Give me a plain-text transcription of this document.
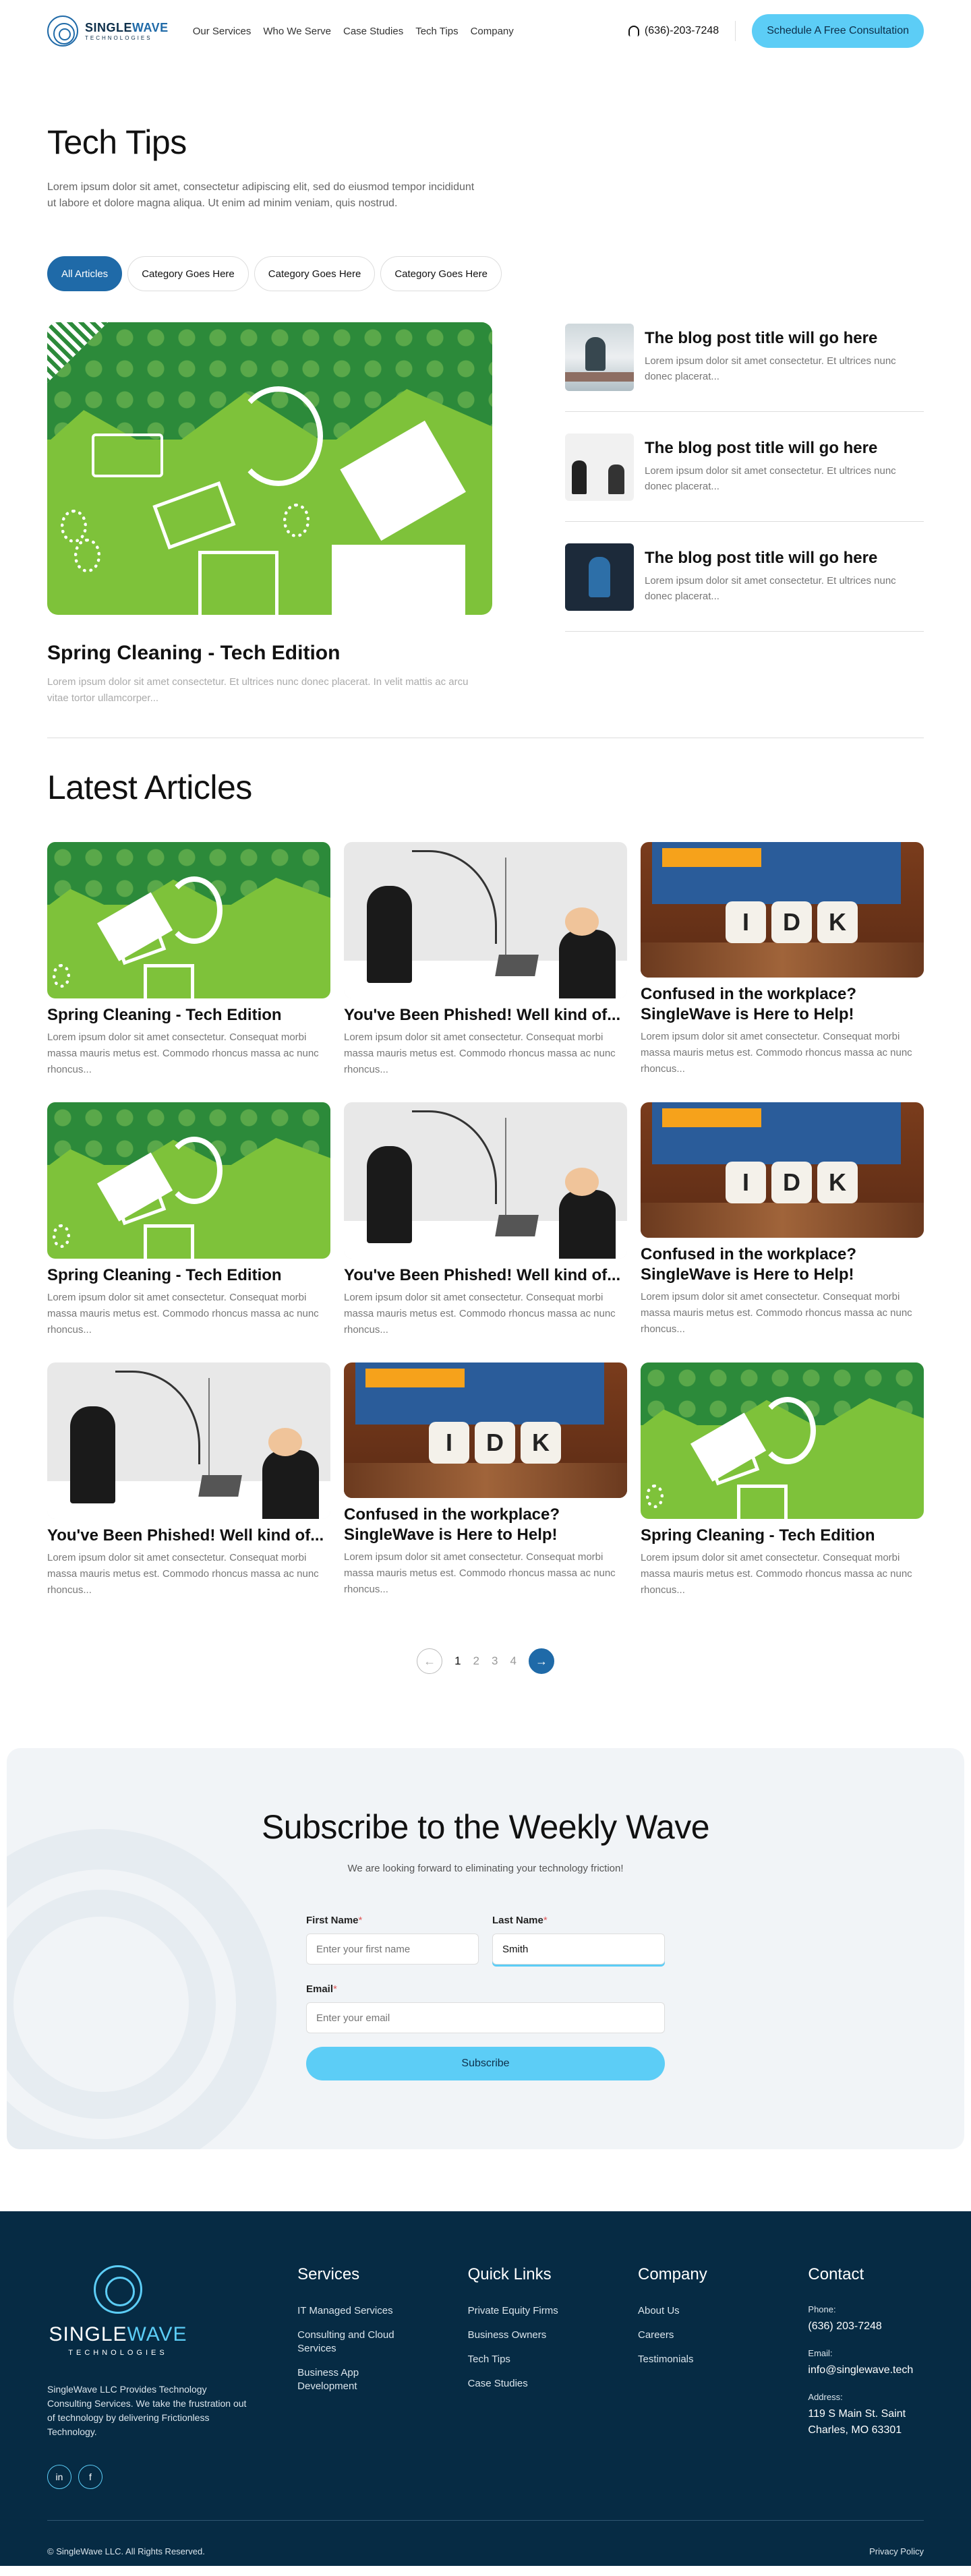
SINGLEWAVE
TECHNOLOGIES
Our Services Who We Serve Case Studies Tech Tips Company	(636)-203-7248	Schedule A Free Consultation
Tech Tips

Lorem ipsum dolor sit amet, consectetur adipiscing elit, sed do eiusmod tempor incididunt ut labore et dolore magna aliqua. Ut enim ad minim veniam, quis nostrud.

All Articles	Category Goes Here	Category Goes Here	Category Goes Here
Spring Cleaning - Tech Edition

Lorem ipsum dolor sit amet consectetur. Et ultrices nunc donec placerat. In velit mattis ac arcu vitae tortor ullamcorper...

The blog post title will go here

Lorem ipsum dolor sit amet consectetur. Et ultrices nunc donec placerat...

The blog post title will go here

Lorem ipsum dolor sit amet consectetur. Et ultrices nunc donec placerat...

The blog post title will go here

Lorem ipsum dolor sit amet consectetur. Et ultrices nunc donec placerat...

Latest Articles
Spring Cleaning - Tech Edition

Lorem ipsum dolor sit amet consectetur. Consequat morbi massa mauris metus est. Commodo rhoncus massa ac nunc rhoncus...

You've Been Phished! Well kind of...

Lorem ipsum dolor sit amet consectetur. Consequat morbi massa mauris metus est. Commodo rhoncus massa ac nunc rhoncus...

I	D	K
Confused in the workplace? SingleWave is Here to Help!

Lorem ipsum dolor sit amet consectetur. Consequat morbi massa mauris metus est. Commodo rhoncus massa ac nunc rhoncus...

Spring Cleaning - Tech Edition

Lorem ipsum dolor sit amet consectetur. Consequat morbi massa mauris metus est. Commodo rhoncus massa ac nunc rhoncus...

You've Been Phished! Well kind of...

Lorem ipsum dolor sit amet consectetur. Consequat morbi massa mauris metus est. Commodo rhoncus massa ac nunc rhoncus...

I	D	K
Confused in the workplace? SingleWave is Here to Help!

Lorem ipsum dolor sit amet consectetur. Consequat morbi massa mauris metus est. Commodo rhoncus massa ac nunc rhoncus...

You've Been Phished! Well kind of...

Lorem ipsum dolor sit amet consectetur. Consequat morbi massa mauris metus est. Commodo rhoncus massa ac nunc rhoncus...

I	D	K
Confused in the workplace? SingleWave is Here to Help!

Lorem ipsum dolor sit amet consectetur. Consequat morbi massa mauris metus est. Commodo rhoncus massa ac nunc rhoncus...

Spring Cleaning - Tech Edition

Lorem ipsum dolor sit amet consectetur. Consequat morbi massa mauris metus est. Commodo rhoncus massa ac nunc rhoncus...

←	1 2 3 4	→
Subscribe to the Weekly Wave

We are looking forward to eliminating your technology friction!

First Name* Enter your first name	Last Name* Smith
Email* Enter your email
Subscribe
SINGLEWAVE
TECHNOLOGIES

SingleWave LLC Provides Technology Consulting Services. We take the frustration out of technology by delivering Frictionless Technology.

in	f
Services
IT Managed Services
Consulting and Cloud Services
Business App Development
Quick Links
Private Equity Firms
Business Owners
Tech Tips
Case Studies
Company
About Us
Careers
Testimonials
Contact
Phone:
(636) 203-7248
Email:
info@singlewave.tech
Address:
119 S Main St. Saint Charles, MO 63301
© SingleWave LLC. All Rights Reserved.	Privacy Policy
